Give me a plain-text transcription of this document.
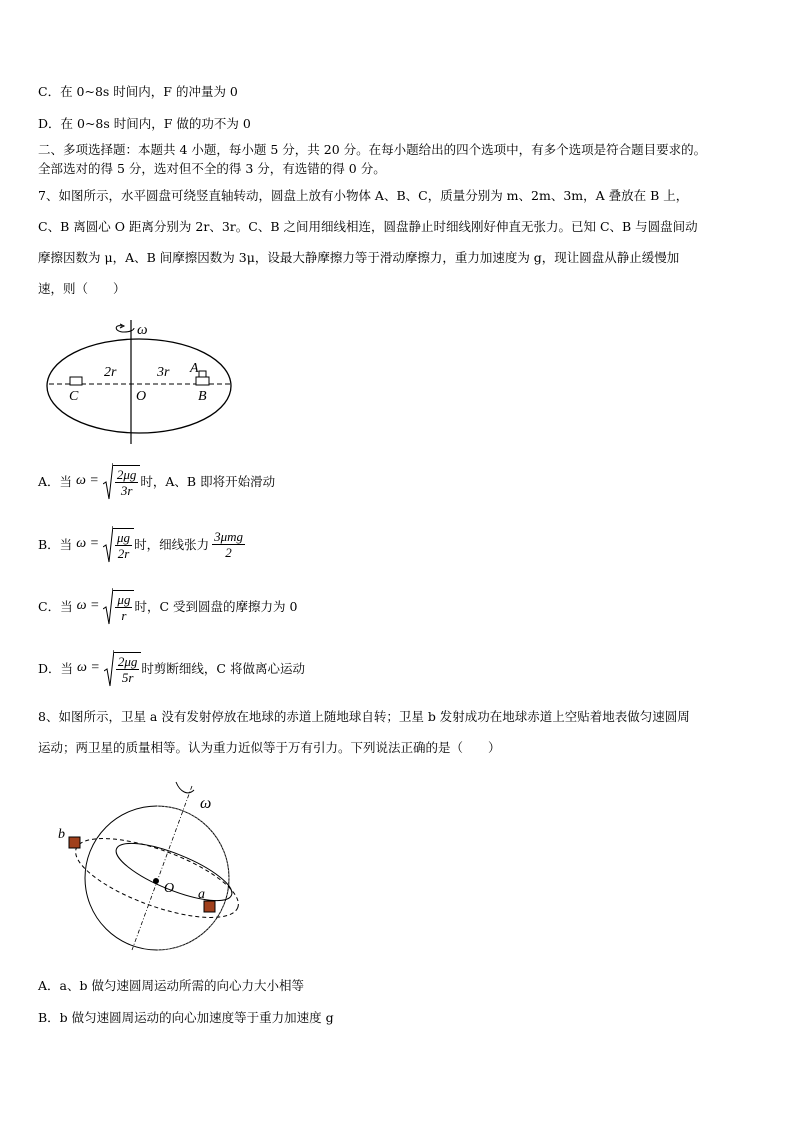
C．在 0~8s 时间内，F 的冲量为 0
D．在 0~8s 时间内，F 做的功不为 0
二、多项选择题：本题共 4 小题，每小题 5 分，共 20 分。在每小题给出的四个选项中，有多个选项是符合题目要求的。
全部选对的得 5 分，选对但不全的得 3 分，有选错的得 0 分。
7、如图所示，水平圆盘可绕竖直轴转动，圆盘上放有小物体 A、B、C，质量分别为 m、2m、3m，A 叠放在 B 上，
C、B 离圆心 O 距离分别为 2r、3r。C、B 之间用细线相连，圆盘静止时细线刚好伸直无张力。已知 C、B 与圆盘间动
摩擦因数为 μ，A、B 间摩擦因数为 3μ，设最大静摩擦力等于滑动摩擦力，重力加速度为 g，现让圆盘从静止缓慢加
速，则（　　）
ω
2r	3r A
C	O	B
A．当 $\omega = \frac{2\mu g}{3r}$ 时，A、B 即将开始滑动
B．当 $\omega = \frac{\mu g}{2r}$ 时，细线张力 $\frac{\text{3μmg}}{2}$
C．当 $\omega = \frac{\mu g}{r}$ 时，C 受到圆盘的摩擦力为 0
D．当 $\omega = \frac{2\mu g}{5r}$ 时剪断细线，C 将做离心运动
8、如图所示，卫星 a 没有发射停放在地球的赤道上随地球自转；卫星 b 发射成功在地球赤道上空贴着地表做匀速圆周
运动；两卫星的质量相等。认为重力近似等于万有引力。下列说法正确的是（　　）
ω
O
b
a
A．a、b 做匀速圆周运动所需的向心力大小相等
B．b 做匀速圆周运动的向心加速度等于重力加速度 g
